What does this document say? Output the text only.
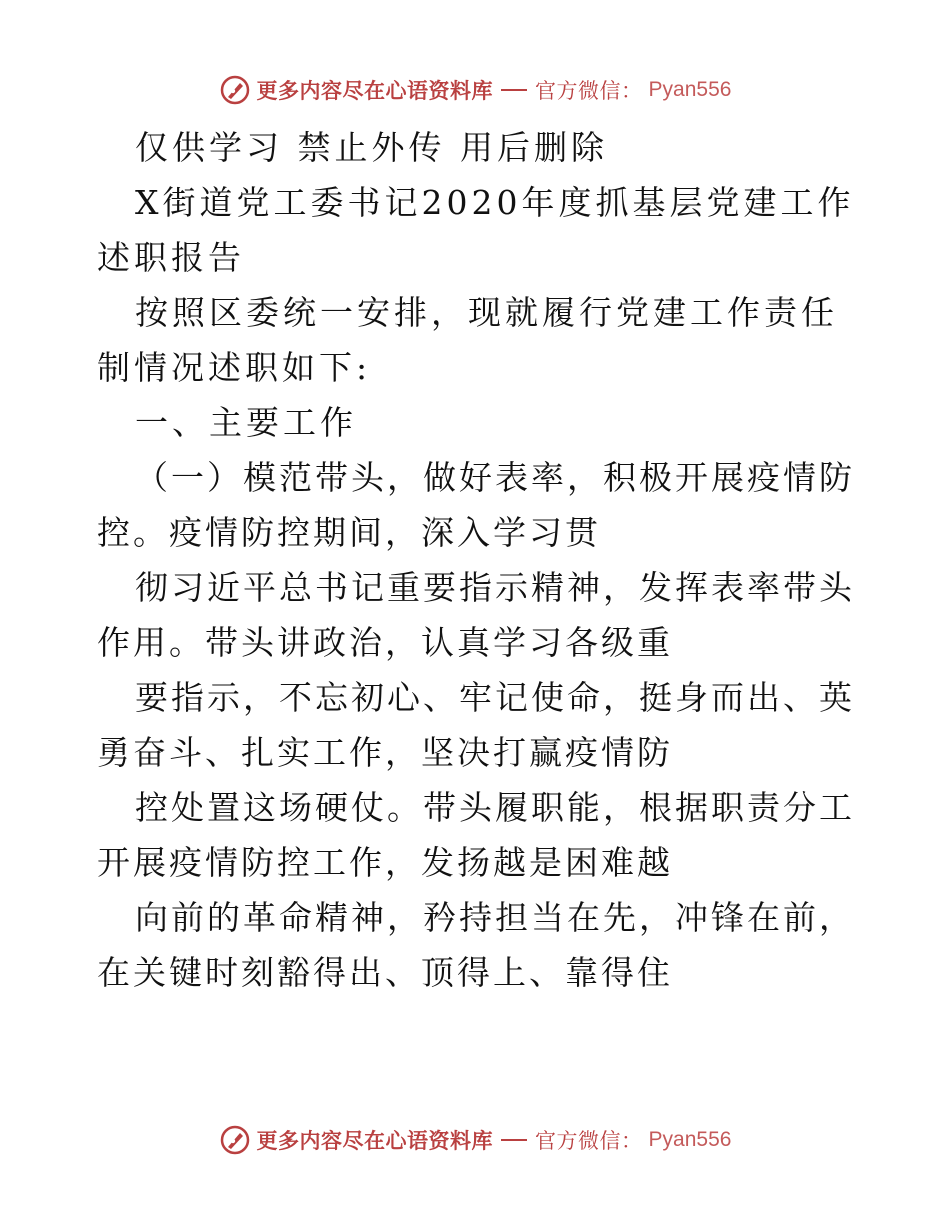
更多内容尽在心语资料库 官方微信： Pyan556

仅供学习 禁止外传 用后删除

X街道党工委书记2020年度抓基层党建工作述职报告

按照区委统一安排，现就履行党建工作责任制情况述职如下:

一、主要工作

（一）模范带头，做好表率，积极开展疫情防控。疫情防控期间，深入学习贯

彻习近平总书记重要指示精神，发挥表率带头作用。带头讲政治，认真学习各级重

要指示，不忘初心、牢记使命，挺身而出、英勇奋斗、扎实工作，坚决打赢疫情防

控处置这场硬仗。带头履职能，根据职责分工开展疫情防控工作，发扬越是困难越

向前的革命精神，矜持担当在先，冲锋在前，在关键时刻豁得出、顶得上、靠得住

更多内容尽在心语资料库 官方微信： Pyan556
